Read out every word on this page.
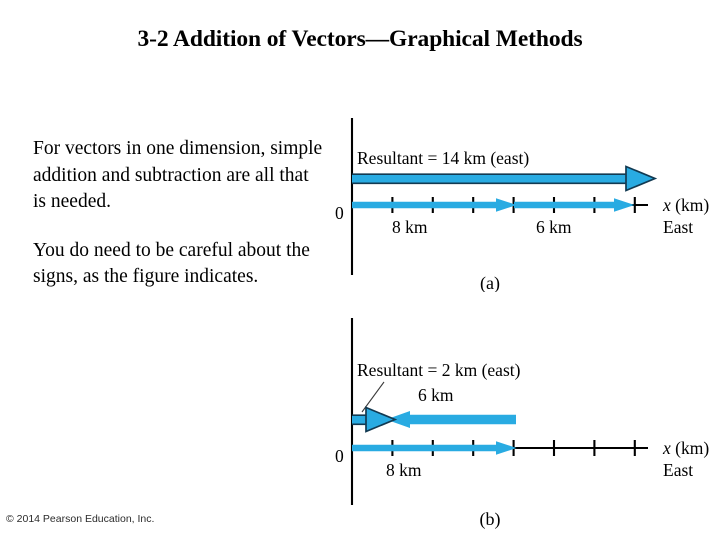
3-2 Addition of Vectors—Graphical Methods

For vectors in one dimension, simple addition and subtraction are all that is needed.

You do need to be careful about the signs, as the figure indicates.

Resultant = 14 km (east)
0
8 km	6 km
x (km)
East
(a)
Resultant = 2 km (east)
6 km
0
8 km
x (km)
East
(b)
© 2014 Pearson Education, Inc.
